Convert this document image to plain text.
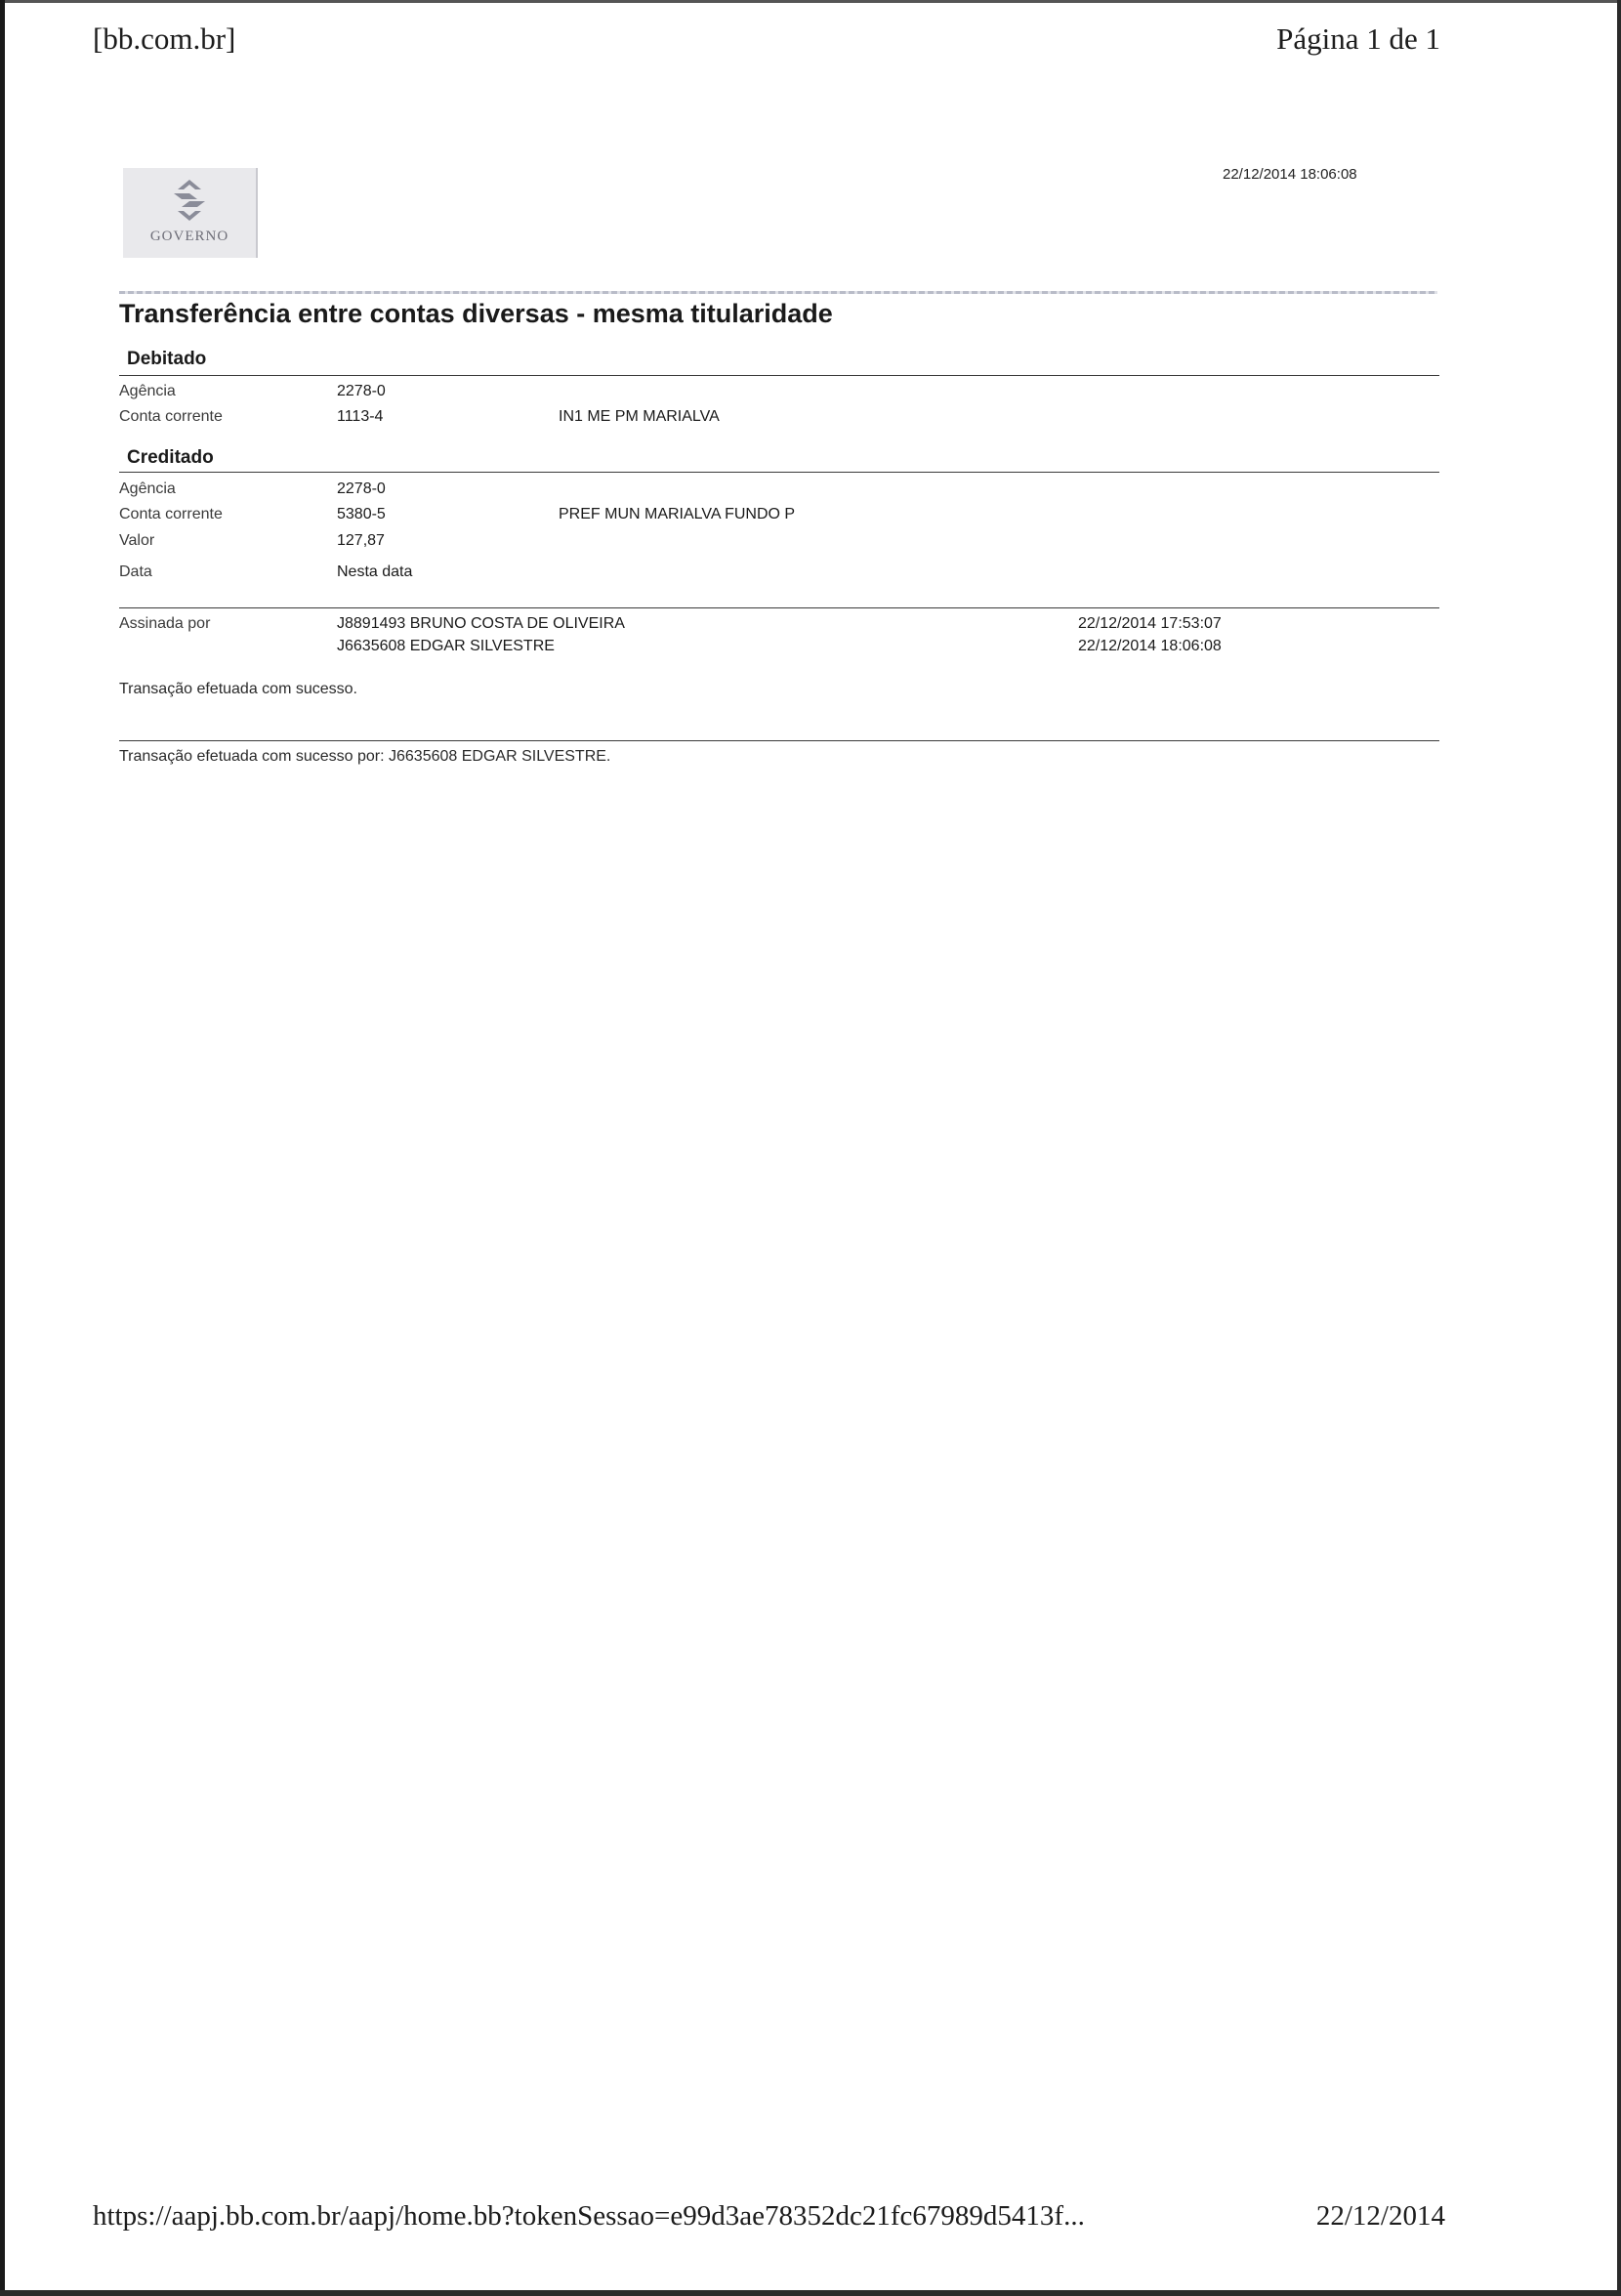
[bb.com.br]	Página 1 de 1
GOVERNO
22/12/2014 18:06:08
Transferência entre contas diversas - mesma titularidade
Debitado
Agência	2278-0
Conta corrente	1113-4	IN1 ME PM MARIALVA
Creditado
Agência	2278-0
Conta corrente	5380-5	PREF MUN MARIALVA FUNDO P
Valor	127,87
Data	Nesta data
Assinada por	J8891493 BRUNO COSTA DE OLIVEIRA	22/12/2014 17:53:07
J6635608 EDGAR SILVESTRE	22/12/2014 18:06:08
Transação efetuada com sucesso.
Transação efetuada com sucesso por: J6635608 EDGAR SILVESTRE.
https://aapj.bb.com.br/aapj/home.bb?tokenSessao=e99d3ae78352dc21fc67989d5413f...	22/12/2014
